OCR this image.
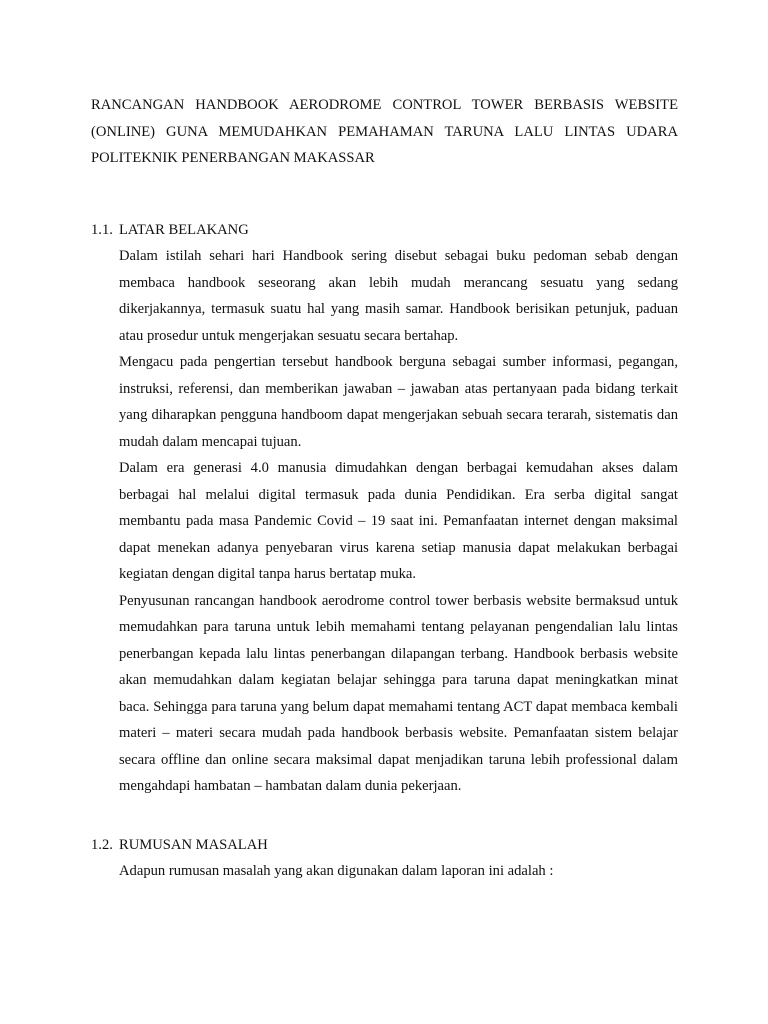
RANCANGAN HANDBOOK AERODROME CONTROL TOWER BERBASIS WEBSITE (ONLINE) GUNA MEMUDAHKAN PEMAHAMAN TARUNA LALU LINTAS UDARA POLITEKNIK PENERBANGAN MAKASSAR
1.1. LATAR BELAKANG

Dalam istilah sehari hari Handbook sering disebut sebagai buku pedoman sebab dengan membaca handbook seseorang akan lebih mudah merancang sesuatu yang sedang dikerjakannya, termasuk suatu hal yang masih samar. Handbook berisikan petunjuk, paduan atau prosedur untuk mengerjakan sesuatu secara bertahap.

Mengacu pada pengertian tersebut handbook berguna sebagai sumber informasi, pegangan, instruksi, referensi, dan memberikan jawaban – jawaban atas pertanyaan pada bidang terkait yang diharapkan pengguna handboom dapat mengerjakan sebuah secara terarah, sistematis dan mudah dalam mencapai tujuan.

Dalam era generasi 4.0 manusia dimudahkan dengan berbagai kemudahan akses dalam berbagai hal melalui digital termasuk pada dunia Pendidikan. Era serba digital sangat membantu pada masa Pandemic Covid – 19 saat ini. Pemanfaatan internet dengan maksimal dapat menekan adanya penyebaran virus karena setiap manusia dapat melakukan berbagai kegiatan dengan digital tanpa harus bertatap muka.

Penyusunan rancangan handbook aerodrome control tower berbasis website bermaksud untuk memudahkan para taruna untuk lebih memahami tentang pelayanan pengendalian lalu lintas penerbangan kepada lalu lintas penerbangan dilapangan terbang. Handbook berbasis website akan memudahkan dalam kegiatan belajar sehingga para taruna dapat meningkatkan minat baca. Sehingga para taruna yang belum dapat memahami tentang ACT dapat membaca kembali materi – materi secara mudah pada handbook berbasis website. Pemanfaatan sistem belajar secara offline dan online secara maksimal dapat menjadikan taruna lebih professional dalam mengahdapi hambatan – hambatan dalam dunia pekerjaan.

1.2. RUMUSAN MASALAH

Adapun rumusan masalah yang akan digunakan dalam laporan ini adalah :
